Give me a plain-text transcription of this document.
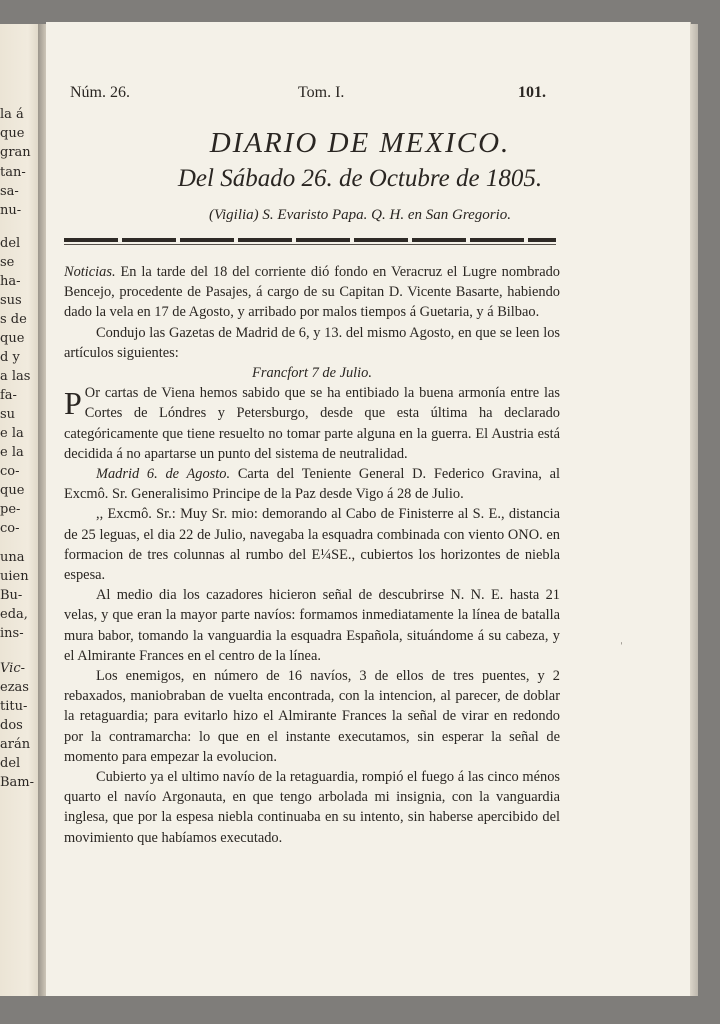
la á
que
gran
tan-
sa-
nu-
del
se
ha-
sus
s de
que
d y
a las
fa-
su
e la
e la
co-
que
pe-
co-
una
uien
Bu-
eda,
ins-
Vic-
ezas
titu-
dos
arán
del
Bam-
Núm. 26.	Tom. I.	101.
DIARIO DE MEXICO.
Del Sábado 26. de Octubre de 1805.
(Vigilia) S. Evaristo Papa. Q. H. en San Gregorio.

Noticias. En la tarde del 18 del corriente dió fondo en Veracruz el Lugre nombrado Bencejo, procedente de Pasajes, á cargo de su Capitan D. Vicente Basarte, habiendo dado la vela en 17 de Agosto, y arribado por malos tiempos á Guetaria, y á Bilbao.

Condujo las Gazetas de Madrid de 6, y 13. del mismo Agosto, en que se leen los artículos siguientes:

Francfort 7 de Julio.

P Or cartas de Viena hemos sabido que se ha entibiado la buena armonía entre las Cortes de Lóndres y Petersburgo, desde que esta última ha declarado categóricamente que tiene resuelto no tomar parte alguna en la guerra. El Austria está decidida á no apartarse un punto del sistema de neutralidad.

Madrid 6. de Agosto. Carta del Teniente General D. Federico Gravina, al Excmô. Sr. Generalisimo Principe de la Paz desde Vigo á 28 de Julio.

,, Excmô. Sr.: Muy Sr. mio: demorando al Cabo de Finisterre al S. E., distancia de 25 leguas, el dia 22 de Julio, navegaba la esquadra combinada con viento ONO. en formacion de tres colunnas al rumbo del E¼SE., cubiertos los horizontes de niebla espesa.

Al medio dia los cazadores hicieron señal de descubrirse N. N. E. hasta 21 velas, y que eran la mayor parte navíos: formamos inmediatamente la línea de batalla mura babor, tomando la vanguardia la esquadra Española, situándome á su cabeza, y el Almirante Frances en el centro de la línea.

Los enemigos, en número de 16 navíos, 3 de ellos de tres puentes, y 2 rebaxados, maniobraban de vuelta encontrada, con la intencion, al parecer, de doblar la retaguardia; para evitarlo hizo el Almirante Frances la señal de virar en redondo por la contramarcha: lo que en el instante executamos, sin esperar la señal de momento para empezar la evolucion.

Cubierto ya el ultimo navío de la retaguardia, rompió el fuego á las cinco ménos quarto el navío Argonauta, en que tengo arbolada mi insignia, con la vanguardia inglesa, que por la espesa niebla continuaba en su intento, sin haberse apercibido del movimiento que habíamos executado.

ˈ
